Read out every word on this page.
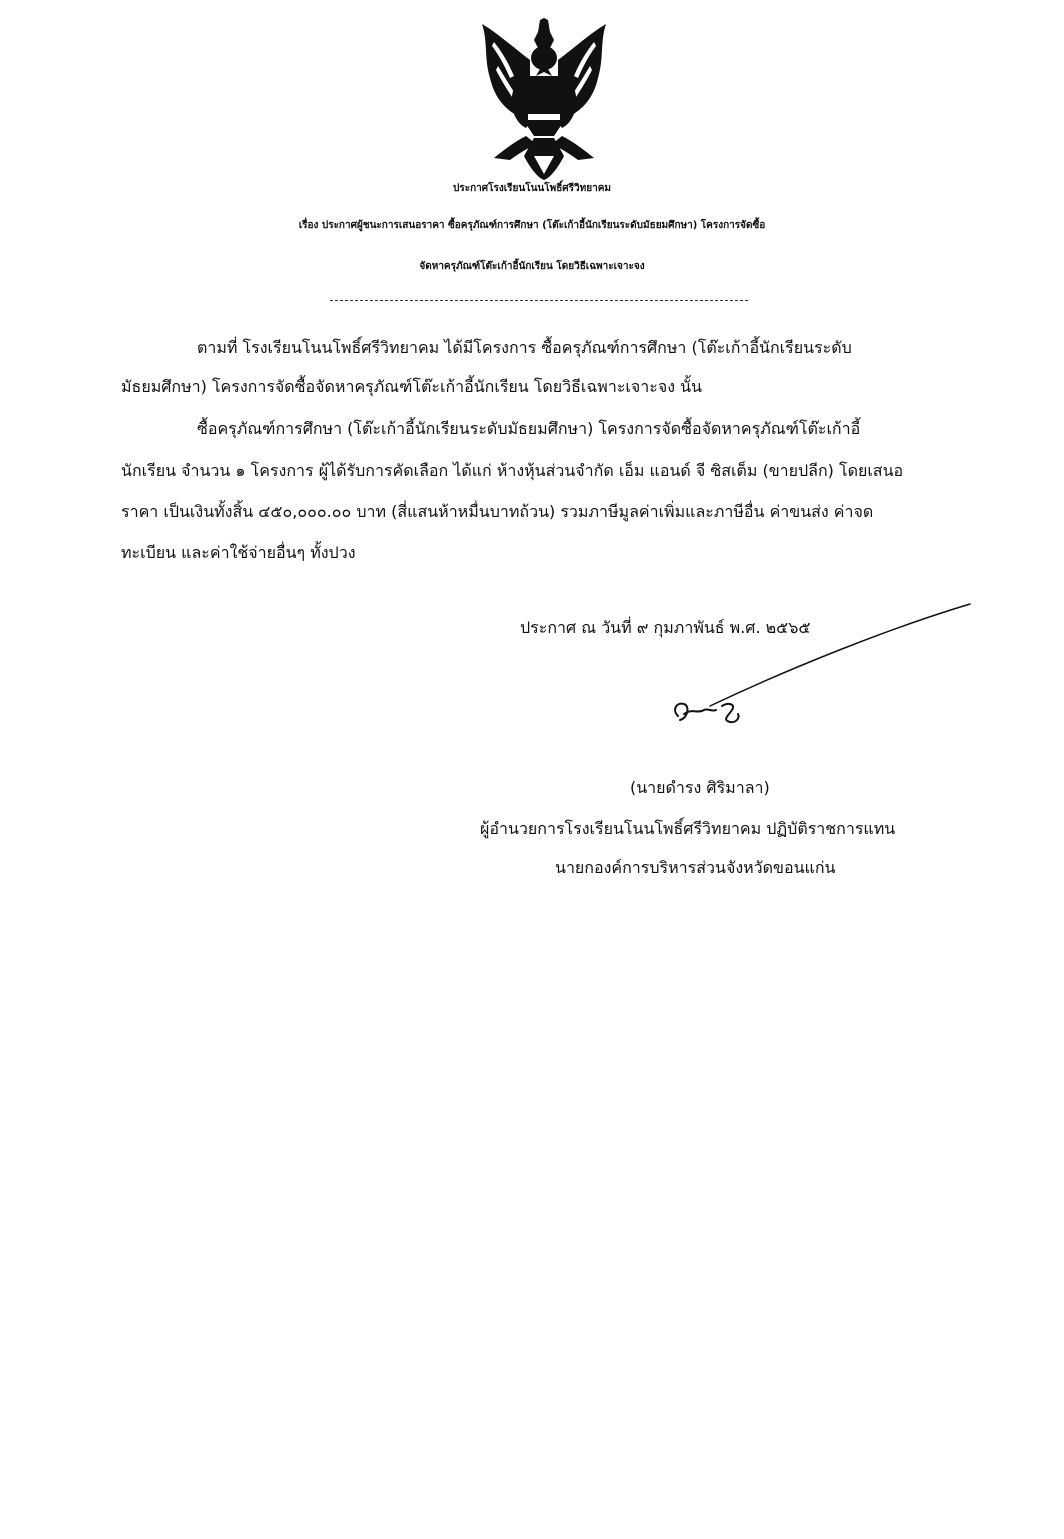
ประกาศโรงเรียนโนนโพธิ์ศรีวิทยาคม
เรื่อง ประกาศผู้ชนะการเสนอราคา ซื้อครุภัณฑ์การศึกษา (โต๊ะเก้าอี้นักเรียนระดับมัธยมศึกษา) โครงการจัดซื้อ
จัดหาครุภัณฑ์โต๊ะเก้าอี้นักเรียน โดยวิธีเฉพาะเจาะจง
ตามที่ โรงเรียนโนนโพธิ์ศรีวิทยาคม ได้มีโครงการ ซื้อครุภัณฑ์การศึกษา (โต๊ะเก้าอี้นักเรียนระดับ
มัธยมศึกษา) โครงการจัดซื้อจัดหาครุภัณฑ์โต๊ะเก้าอี้นักเรียน โดยวิธีเฉพาะเจาะจง นั้น
ซื้อครุภัณฑ์การศึกษา (โต๊ะเก้าอี้นักเรียนระดับมัธยมศึกษา) โครงการจัดซื้อจัดหาครุภัณฑ์โต๊ะเก้าอี้
นักเรียน จำนวน ๑ โครงการ ผู้ได้รับการคัดเลือก ได้แก่ ห้างหุ้นส่วนจำกัด เอ็ม แอนด์ จี ซิสเต็ม (ขายปลีก) โดยเสนอ
ราคา เป็นเงินทั้งสิ้น ๔๕๐,๐๐๐.๐๐ บาท (สี่แสนห้าหมื่นบาทถ้วน) รวมภาษีมูลค่าเพิ่มและภาษีอื่น ค่าขนส่ง ค่าจด
ทะเบียน และค่าใช้จ่ายอื่นๆ ทั้งปวง
ประกาศ ณ วันที่ ๙ กุมภาพันธ์ พ.ศ. ๒๕๖๕
(นายดำรง ศิริมาลา)
ผู้อำนวยการโรงเรียนโนนโพธิ์ศรีวิทยาคม ปฏิบัติราชการแทน
นายกองค์การบริหารส่วนจังหวัดขอนแก่น
